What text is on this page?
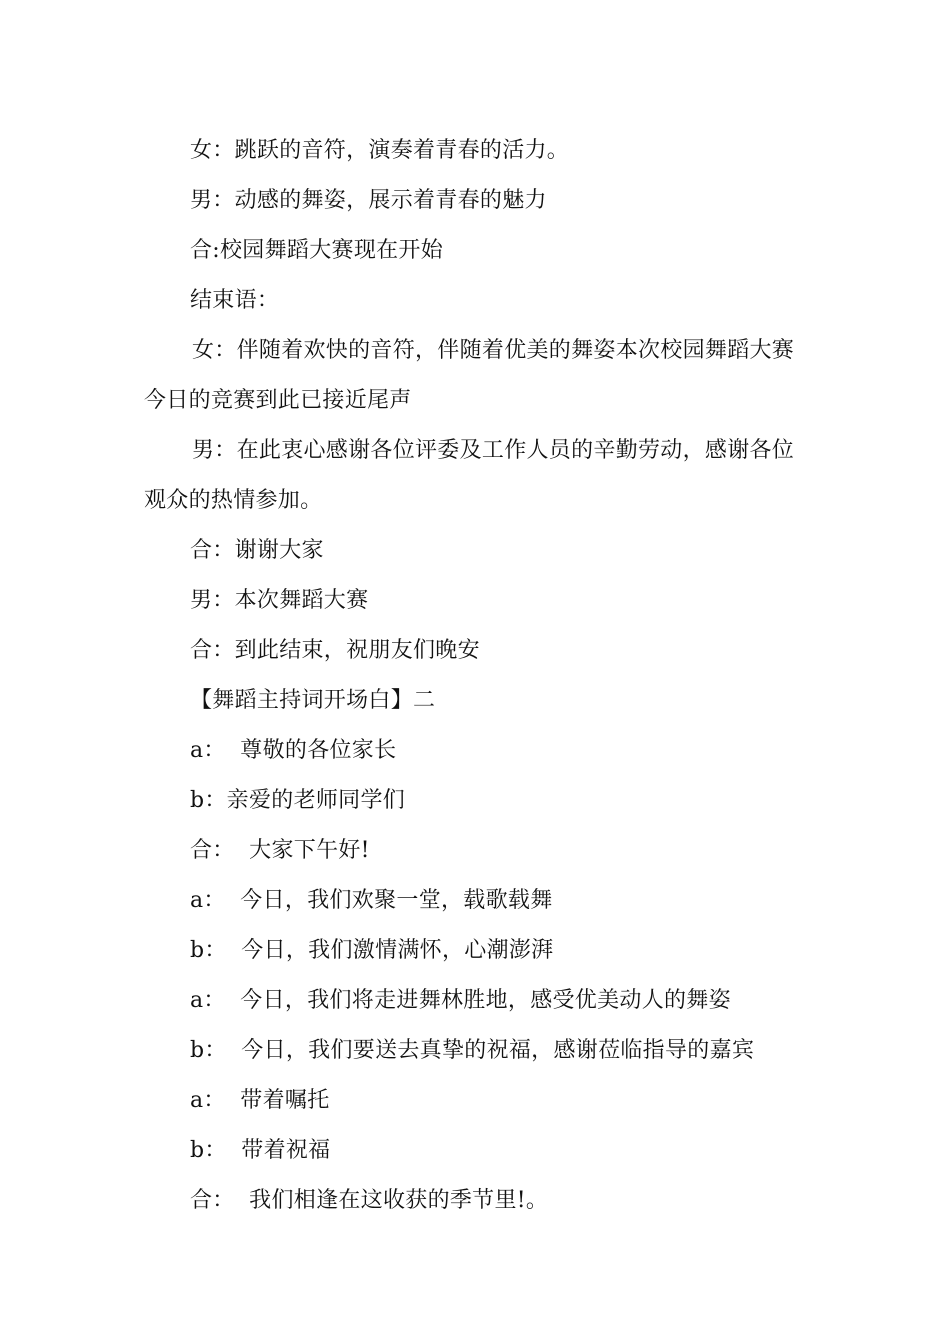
女：跳跃的音符，演奏着青春的活力。

男：动感的舞姿，展示着青春的魅力

合:校园舞蹈大赛现在开始

结束语：

女：伴随着欢快的音符，伴随着优美的舞姿本次校园舞蹈大赛今日的竞赛到此已接近尾声

男：在此衷心感谢各位评委及工作人员的辛勤劳动，感谢各位观众的热情参加。

合：谢谢大家

男：本次舞蹈大赛

合：到此结束，祝朋友们晚安

【舞蹈主持词开场白】二

a：  尊敬的各位家长

b：亲爱的老师同学们

合：  大家下午好!

a：  今日，我们欢聚一堂，载歌载舞

b：  今日，我们激情满怀，心潮澎湃

a：  今日，我们将走进舞林胜地，感受优美动人的舞姿

b：  今日，我们要送去真挚的祝福，感谢莅临指导的嘉宾

a：  带着嘱托

b：  带着祝福

合：  我们相逢在这收获的季节里!。
